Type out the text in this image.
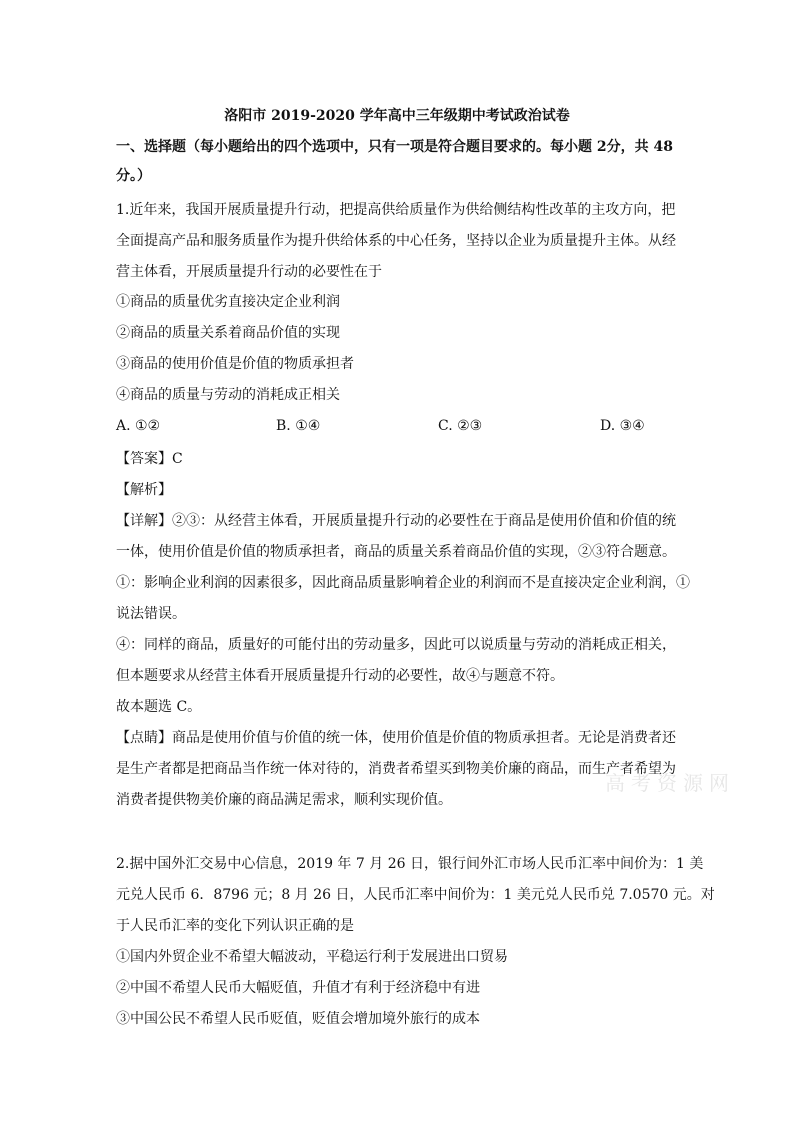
洛阳市 2019-2020 学年高中三年级期中考试政治试卷
一、选择题（每小题给出的四个选项中，只有一项是符合题目要求的。每小题 2分，共 48
分。）
1.近年来，我国开展质量提升行动，把提高供给质量作为供给侧结构性改革的主攻方向，把
全面提高产品和服务质量作为提升供给体系的中心任务，坚持以企业为质量提升主体。从经
营主体看，开展质量提升行动的必要性在于
①商品的质量优劣直接决定企业利润
②商品的质量关系着商品价值的实现
③商品的使用价值是价值的物质承担者
④商品的质量与劳动的消耗成正相关
A. ①②	B. ①④	C. ②③	D. ③④
【答案】C
【解析】
【详解】②③：从经营主体看，开展质量提升行动的必要性在于商品是使用价值和价值的统
一体，使用价值是价值的物质承担者，商品的质量关系着商品价值的实现，②③符合题意。
①：影响企业利润的因素很多，因此商品质量影响着企业的利润而不是直接决定企业利润，①
说法错误。
④：同样的商品，质量好的可能付出的劳动量多，因此可以说质量与劳动的消耗成正相关，
但本题要求从经营主体看开展质量提升行动的必要性，故④与题意不符。
故本题选 C。
【点睛】商品是使用价值与价值的统一体，使用价值是价值的物质承担者。无论是消费者还
是生产者都是把商品当作统一体对待的，消费者希望买到物美价廉的商品，而生产者希望为
消费者提供物美价廉的商品满足需求，顺利实现价值。
高考资源网
2.据中国外汇交易中心信息，2019 年 7 月 26 日，银行间外汇市场人民币汇率中间价为：1 美
元兑人民币 6．8796 元；8 月 26 日，人民币汇率中间价为：1 美元兑人民币兑 7.0570 元。对
于人民币汇率的变化下列认识正确的是
①国内外贸企业不希望大幅波动，平稳运行利于发展进出口贸易
②中国不希望人民币大幅贬值，升值才有利于经济稳中有进
③中国公民不希望人民币贬值，贬值会增加境外旅行的成本
